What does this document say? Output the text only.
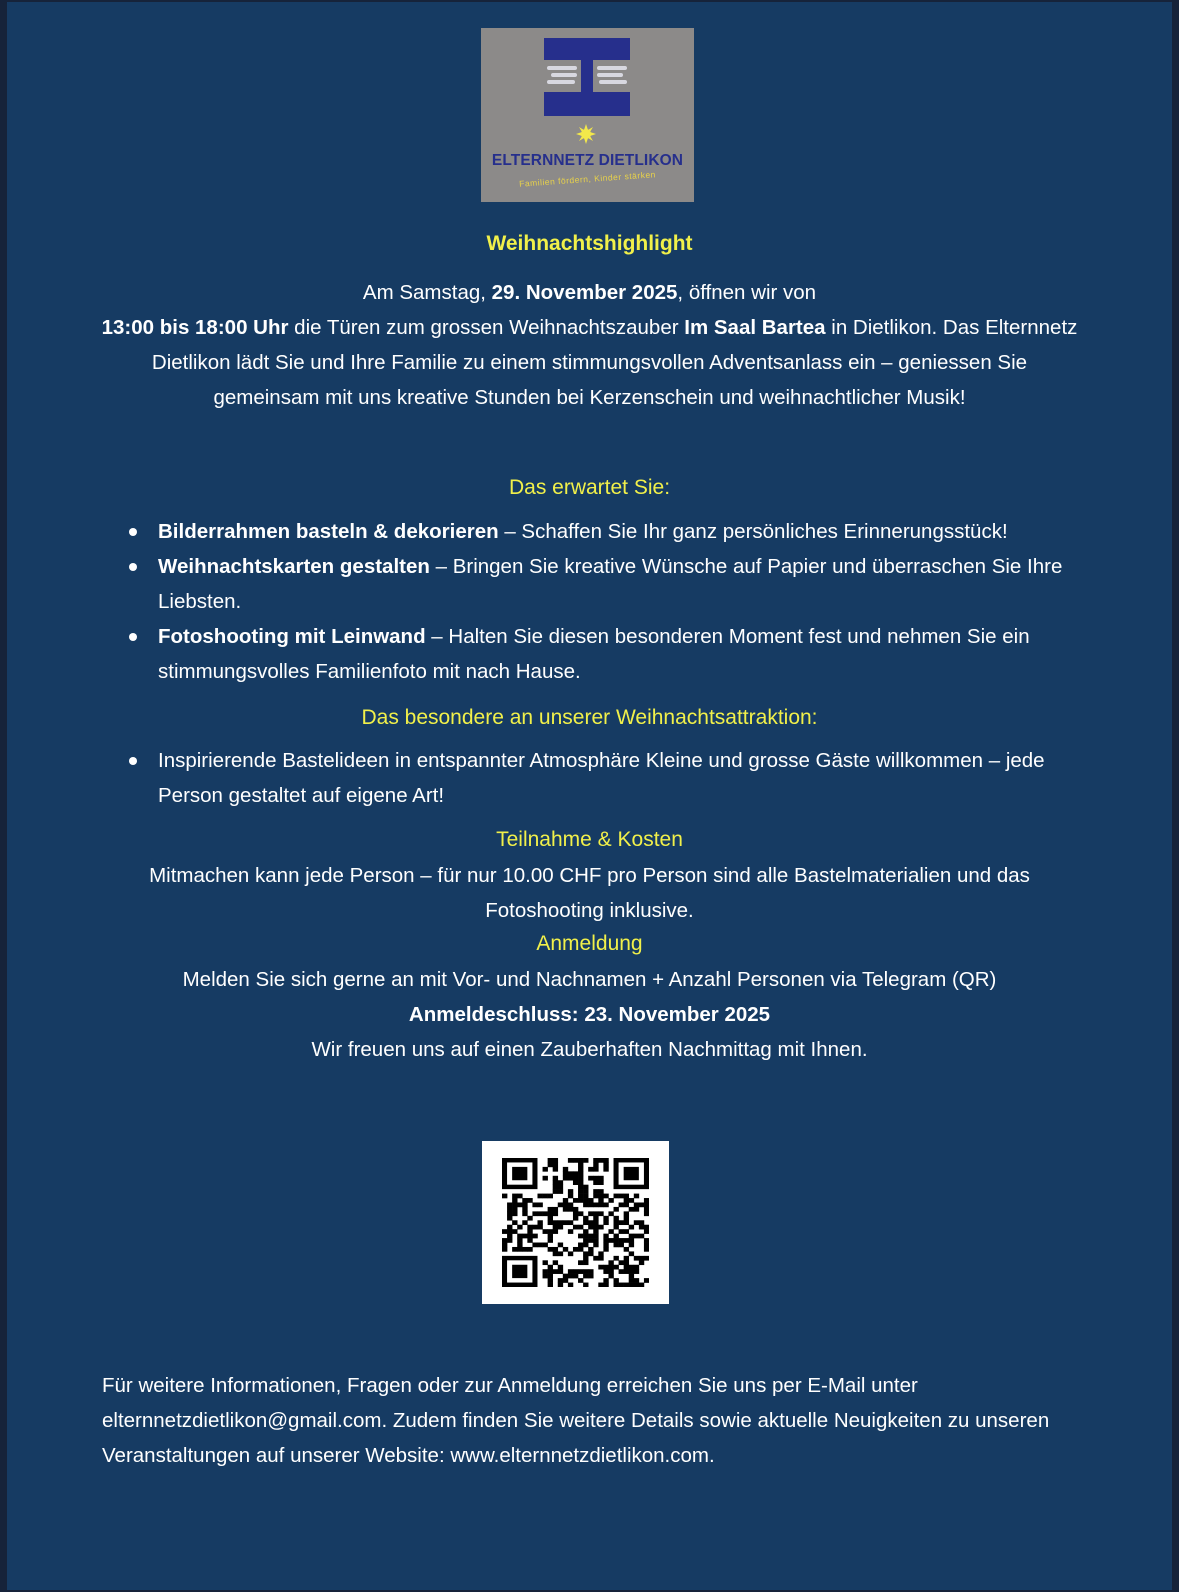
ELTERNNETZ DIETLIKON
Familien fördern, Kinder stärken
Weihnachtshighlight
Am Samstag, 29. November 2025, öffnen wir von
13:00 bis 18:00 Uhr die Türen zum grossen Weihnachtszauber Im Saal Bartea in Dietlikon. Das Elternnetz Dietlikon lädt Sie und Ihre Familie zu einem stimmungsvollen Adventsanlass ein – geniessen Sie gemeinsam mit uns kreative Stunden bei Kerzenschein und weihnachtlicher Musik!
Das erwartet Sie:
Bilderrahmen basteln & dekorieren – Schaffen Sie Ihr ganz persönliches Erinnerungsstück!
Weihnachtskarten gestalten – Bringen Sie kreative Wünsche auf Papier und überraschen Sie Ihre Liebsten.
Fotoshooting mit Leinwand – Halten Sie diesen besonderen Moment fest und nehmen Sie ein stimmungsvolles Familienfoto mit nach Hause.
Das besondere an unserer Weihnachtsattraktion:
Inspirierende Bastelideen in entspannter Atmosphäre Kleine und grosse Gäste willkommen – jede Person gestaltet auf eigene Art!
Teilnahme & Kosten
Mitmachen kann jede Person – für nur 10.00 CHF pro Person sind alle Bastelmaterialien und das Fotoshooting inklusive.
Anmeldung
Melden Sie sich gerne an mit Vor- und Nachnamen + Anzahl Personen via Telegram (QR)
Anmeldeschluss: 23. November 2025
Wir freuen uns auf einen Zauberhaften Nachmittag mit Ihnen.
Für weitere Informationen, Fragen oder zur Anmeldung erreichen Sie uns per E-Mail unter elternnetzdietlikon@gmail.com. Zudem finden Sie weitere Details sowie aktuelle Neuigkeiten zu unseren Veranstaltungen auf unserer Website: www.elternnetzdietlikon.com.
